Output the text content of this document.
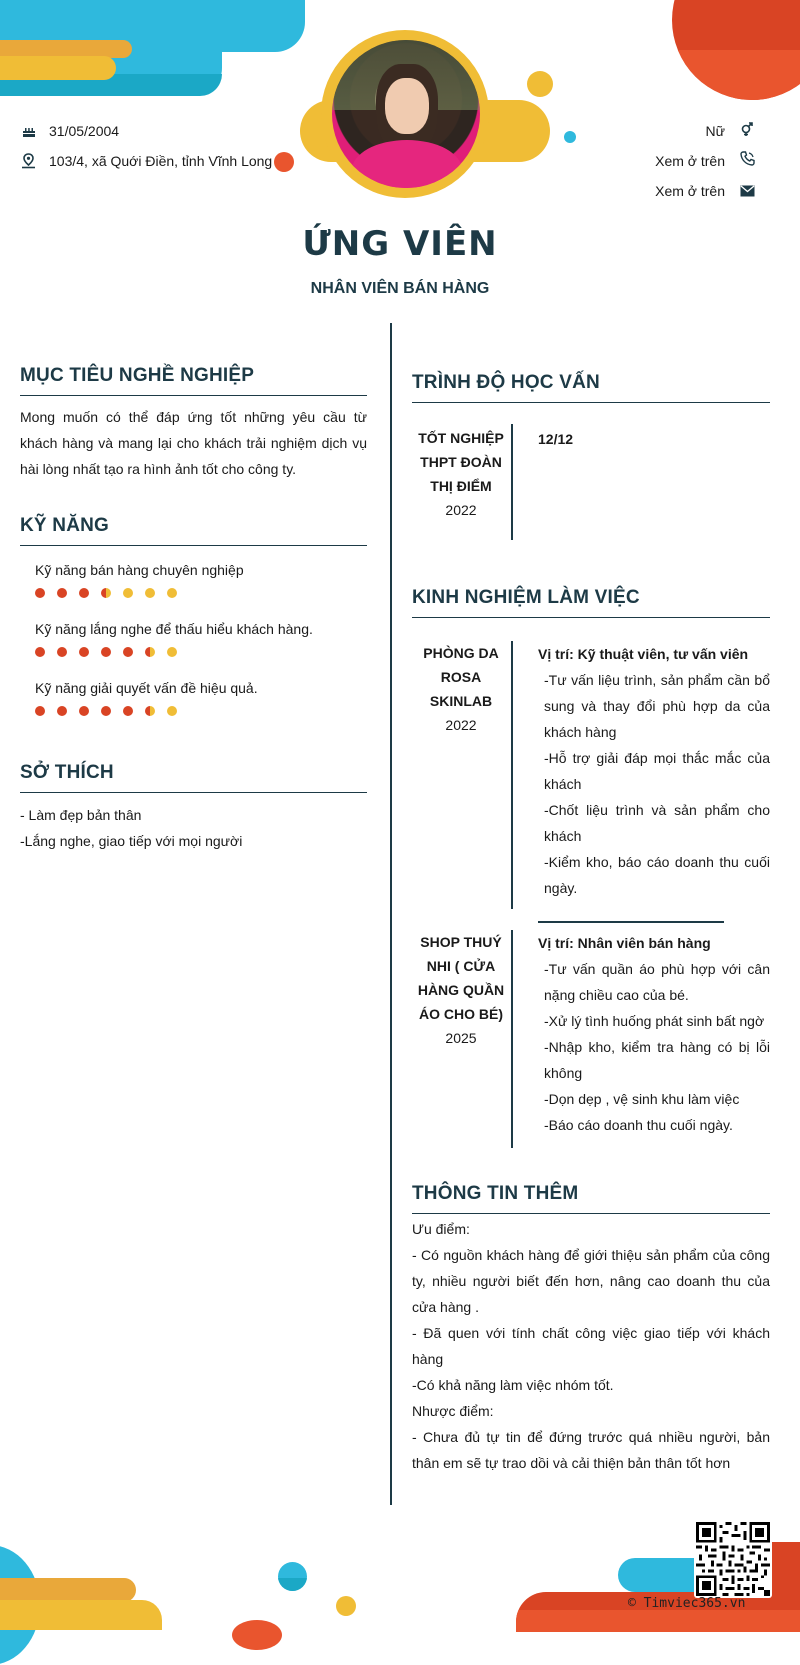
31/05/2004
103/4, xã Quới Điền, tỉnh Vĩnh Long
Nữ
Xem ở trên
Xem ở trên
ỨNG VIÊN
NHÂN VIÊN BÁN HÀNG
MỤC TIÊU NGHỀ NGHIỆP
Mong muốn có thể đáp ứng tốt những yêu cầu từ khách hàng và mang lại cho khách trải nghiệm dịch vụ hài lòng nhất tạo ra hình ảnh tốt cho công ty.
KỸ NĂNG
Kỹ năng bán hàng chuyên nghiệp
Kỹ năng lắng nghe để thấu hiểu khách hàng.
Kỹ năng giải quyết vấn đề hiệu quả.
SỞ THÍCH
- Làm đẹp bản thân
-Lắng nghe, giao tiếp với mọi người
TRÌNH ĐỘ HỌC VẤN
TỐT NGHIỆP THPT ĐOÀN THỊ ĐIỂM
2022
12/12
KINH NGHIỆM LÀM VIỆC
PHÒNG DA ROSA SKINLAB
2022
Vị trí: Kỹ thuật viên, tư vấn viên
-Tư vấn liệu trình, sản phẩm cần bổ sung và thay đổi phù hợp da của khách hàng
-Hỗ trợ giải đáp mọi thắc mắc của khách
-Chốt liệu trình và sản phẩm cho khách
-Kiểm kho, báo cáo doanh thu cuối ngày.
SHOP THUÝ NHI ( CỬA HÀNG QUẦN ÁO CHO BÉ)
2025
Vị trí: Nhân viên bán hàng
-Tư vấn quần áo phù hợp với cân nặng chiều cao của bé.
-Xử lý tình huống phát sinh bất ngờ
-Nhập kho, kiểm tra hàng có bị lỗi không
-Dọn dẹp , vệ sinh khu làm việc
-Báo cáo doanh thu cuối ngày.
THÔNG TIN THÊM
Ưu điểm:
- Có nguồn khách hàng để giới thiệu sản phẩm của công ty, nhiều người biết đến hơn, nâng cao doanh thu của cửa hàng .
- Đã quen với tính chất công việc giao tiếp với khách hàng
-Có khả năng làm việc nhóm tốt.
Nhược điểm:
- Chưa đủ tự tin để đứng trước quá nhiều người, bản thân em sẽ tự trao dồi và cải thiện bản thân tốt hơn
© Timviec365.vn
